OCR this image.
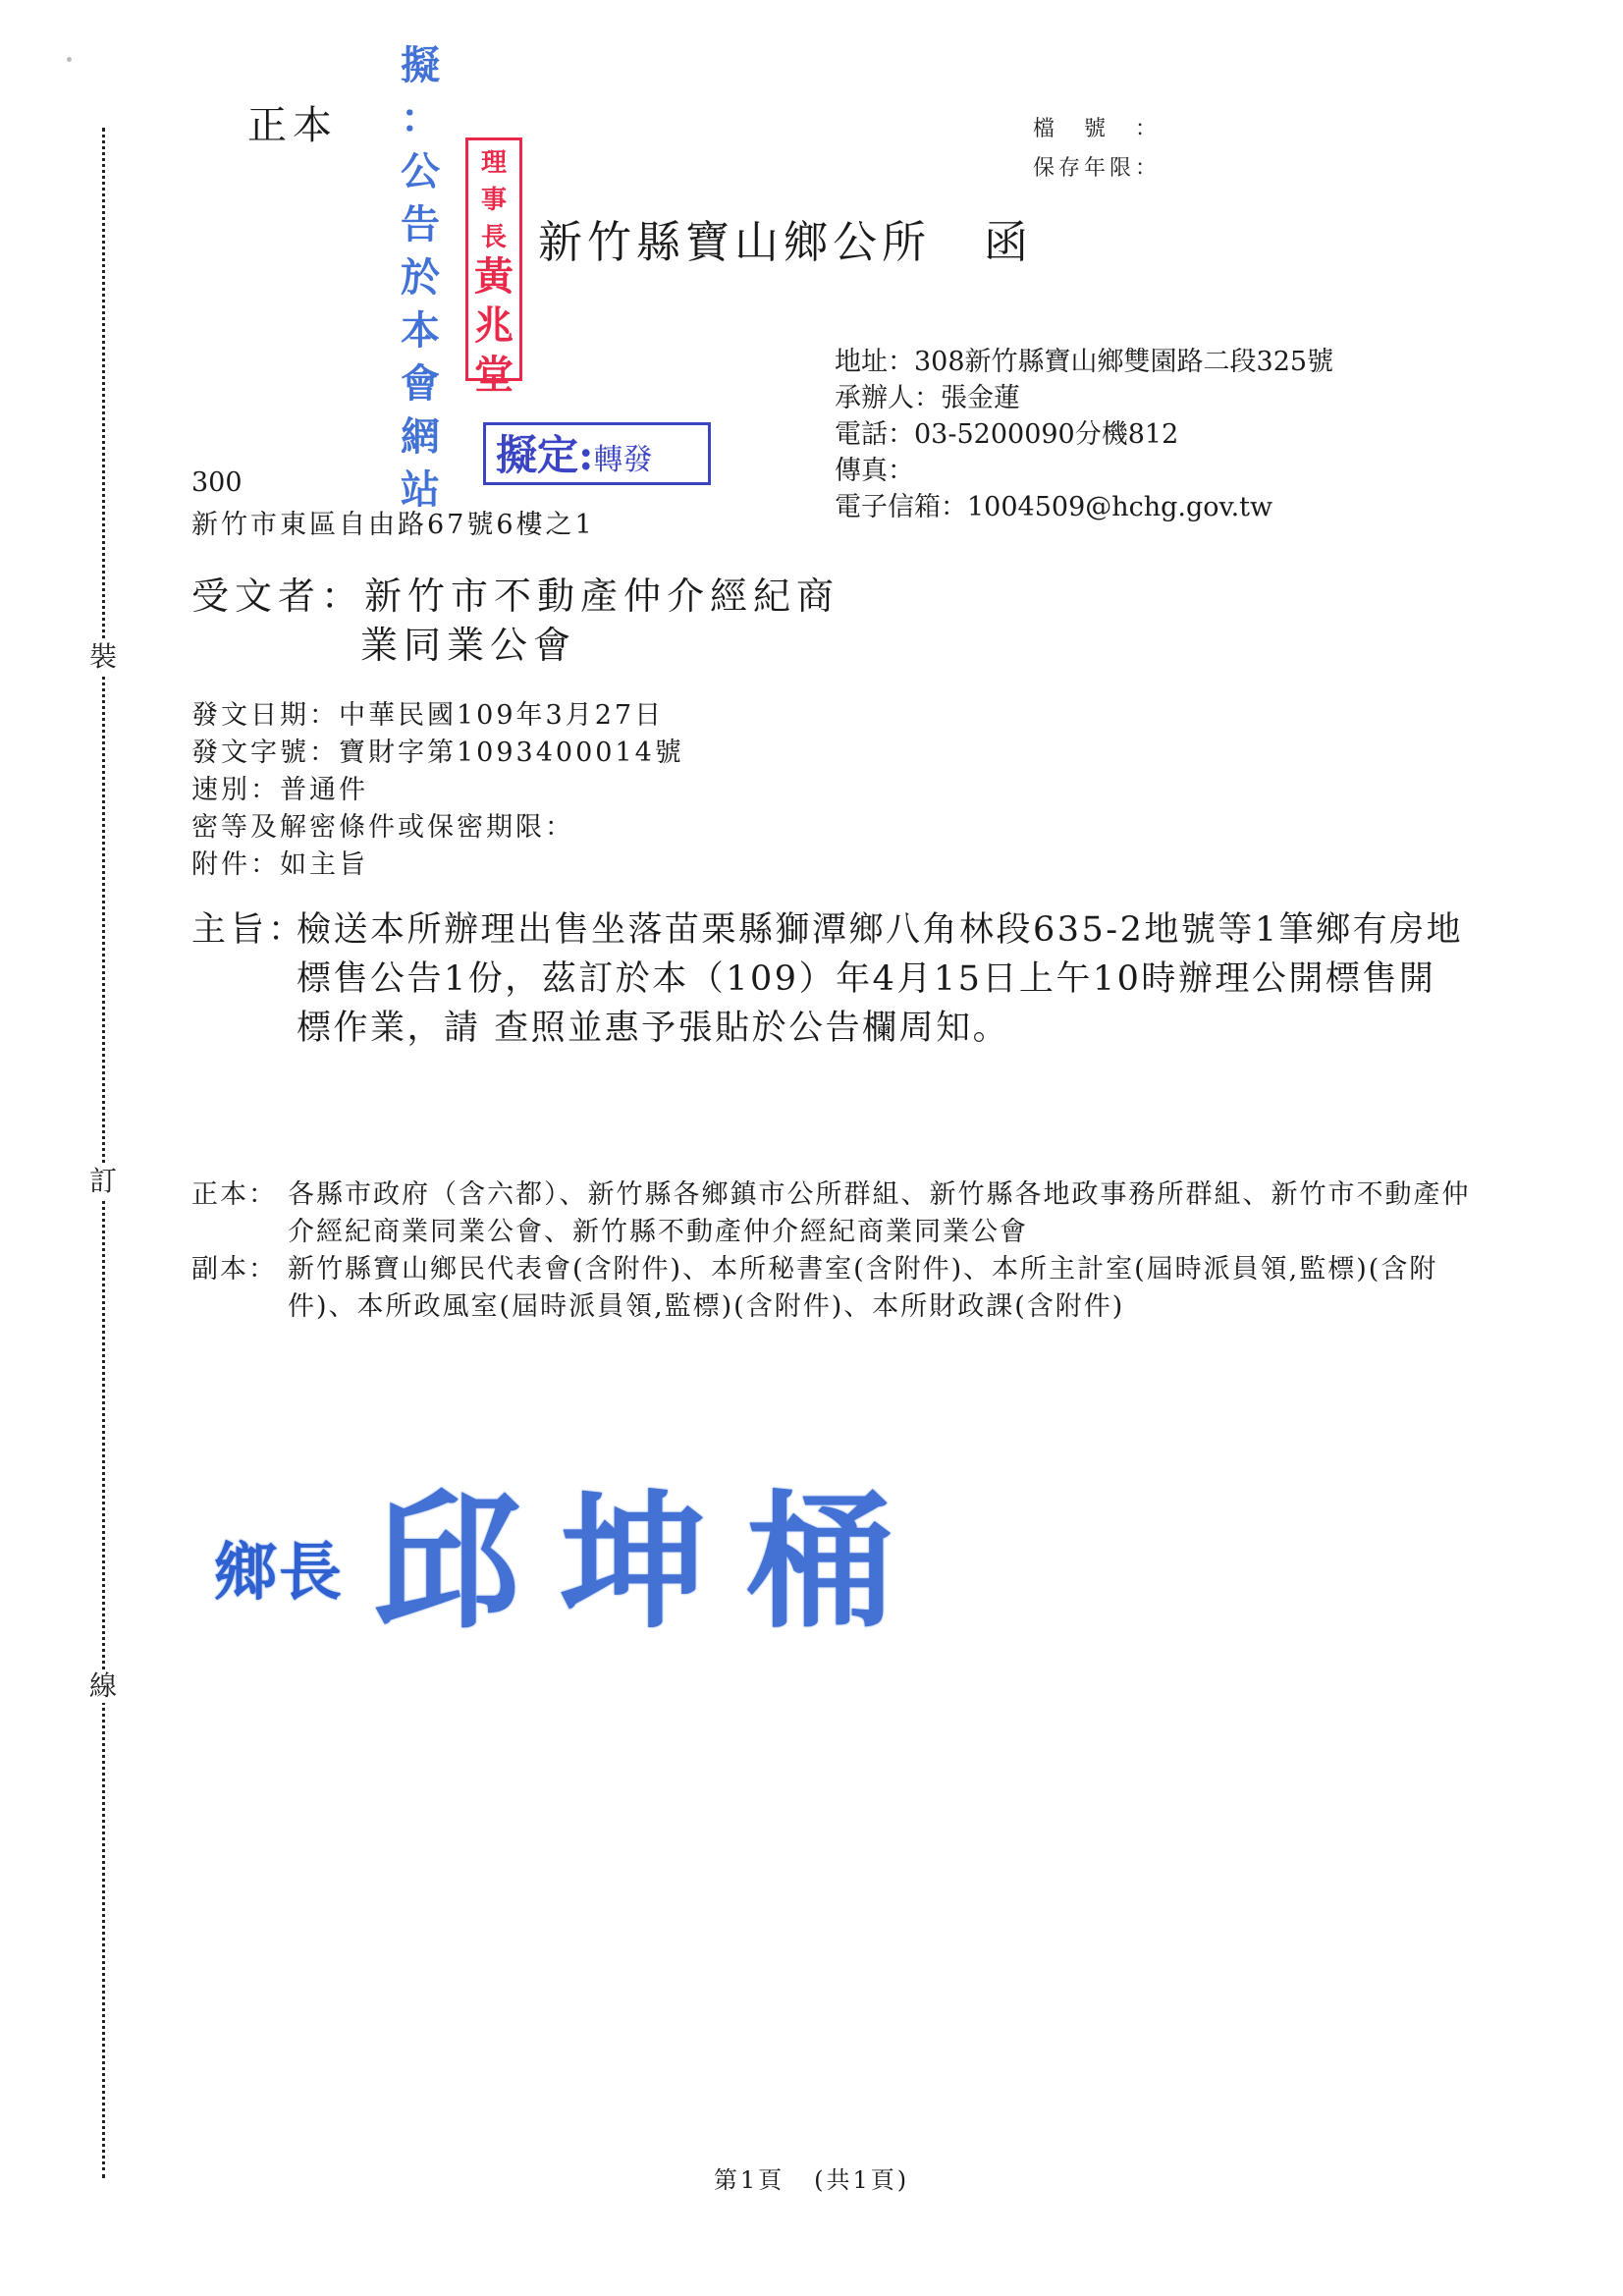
裝
訂
線
正本	檔號：
保存年限：
新竹縣寶山鄉公所 函
地址：308新竹縣寶山鄉雙園路二段325號
承辦人：張金蓮
電話：03-5200090分機812
傳真：
電子信箱：1004509@hchg.gov.tw
300
新竹市東區自由路67號6樓之1
受文者：新竹市不動產仲介經紀商
業同業公會
發文日期：中華民國109年3月27日
發文字號：寶財字第1093400014號
速別：普通件
密等及解密條件或保密期限：
附件：如主旨
主旨：
檢送本所辦理出售坐落苗栗縣獅潭鄉八角林段635-2地號等1筆鄉有房地標售公告1份，茲訂於本（109）年4月15日上午10時辦理公開標售開標作業，請 查照並惠予張貼於公告欄周知。
正本： 各縣市政府（含六都）、新竹縣各鄉鎮市公所群組、新竹縣各地政事務所群組、新竹市不動產仲介經紀商業同業公會、新竹縣不動產仲介經紀商業同業公會
副本： 新竹縣寶山鄉民代表會(含附件)、本所秘書室(含附件)、本所主計室(屆時派員領,監標)(含附件)、本所政風室(屆時派員領,監標)(含附件)、本所財政課(含附件)
鄉長 邱坤桶
擬
：
公
告
於
本
會
網
站
理
事
長
黃
兆
堂
擬定:轉發
第1頁 (共1頁)
